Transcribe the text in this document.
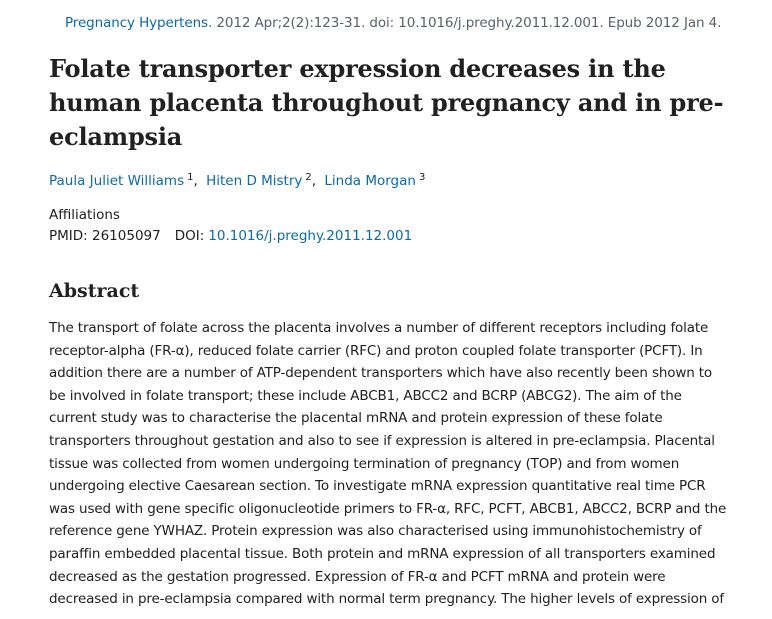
Pregnancy Hypertens. 2012 Apr;2(2):123-31. doi: 10.1016/j.preghy.2011.12.001. Epub 2012 Jan 4.
Folate transporter expression decreases in the human placenta throughout pregnancy and in pre-eclampsia
Paula Juliet Williams $^1$, Hiten D Mistry $^2$, Linda Morgan $^3$
Affiliations
PMID: 26105097 DOI: 10.1016/j.preghy.2011.12.001
Abstract
The transport of folate across the placenta involves a number of different receptors including folate
receptor-alpha (FR-α), reduced folate carrier (RFC) and proton coupled folate transporter (PCFT). In
addition there are a number of ATP-dependent transporters which have also recently been shown to
be involved in folate transport; these include ABCB1, ABCC2 and BCRP (ABCG2). The aim of the
current study was to characterise the placental mRNA and protein expression of these folate
transporters throughout gestation and also to see if expression is altered in pre-eclampsia. Placental
tissue was collected from women undergoing termination of pregnancy (TOP) and from women
undergoing elective Caesarean section. To investigate mRNA expression quantitative real time PCR
was used with gene specific oligonucleotide primers to FR-α, RFC, PCFT, ABCB1, ABCC2, BCRP and the
reference gene YWHAZ. Protein expression was also characterised using immunohistochemistry of
paraffin embedded placental tissue. Both protein and mRNA expression of all transporters examined
decreased as the gestation progressed. Expression of FR-α and PCFT mRNA and protein were
decreased in pre-eclampsia compared with normal term pregnancy. The higher levels of expression of
